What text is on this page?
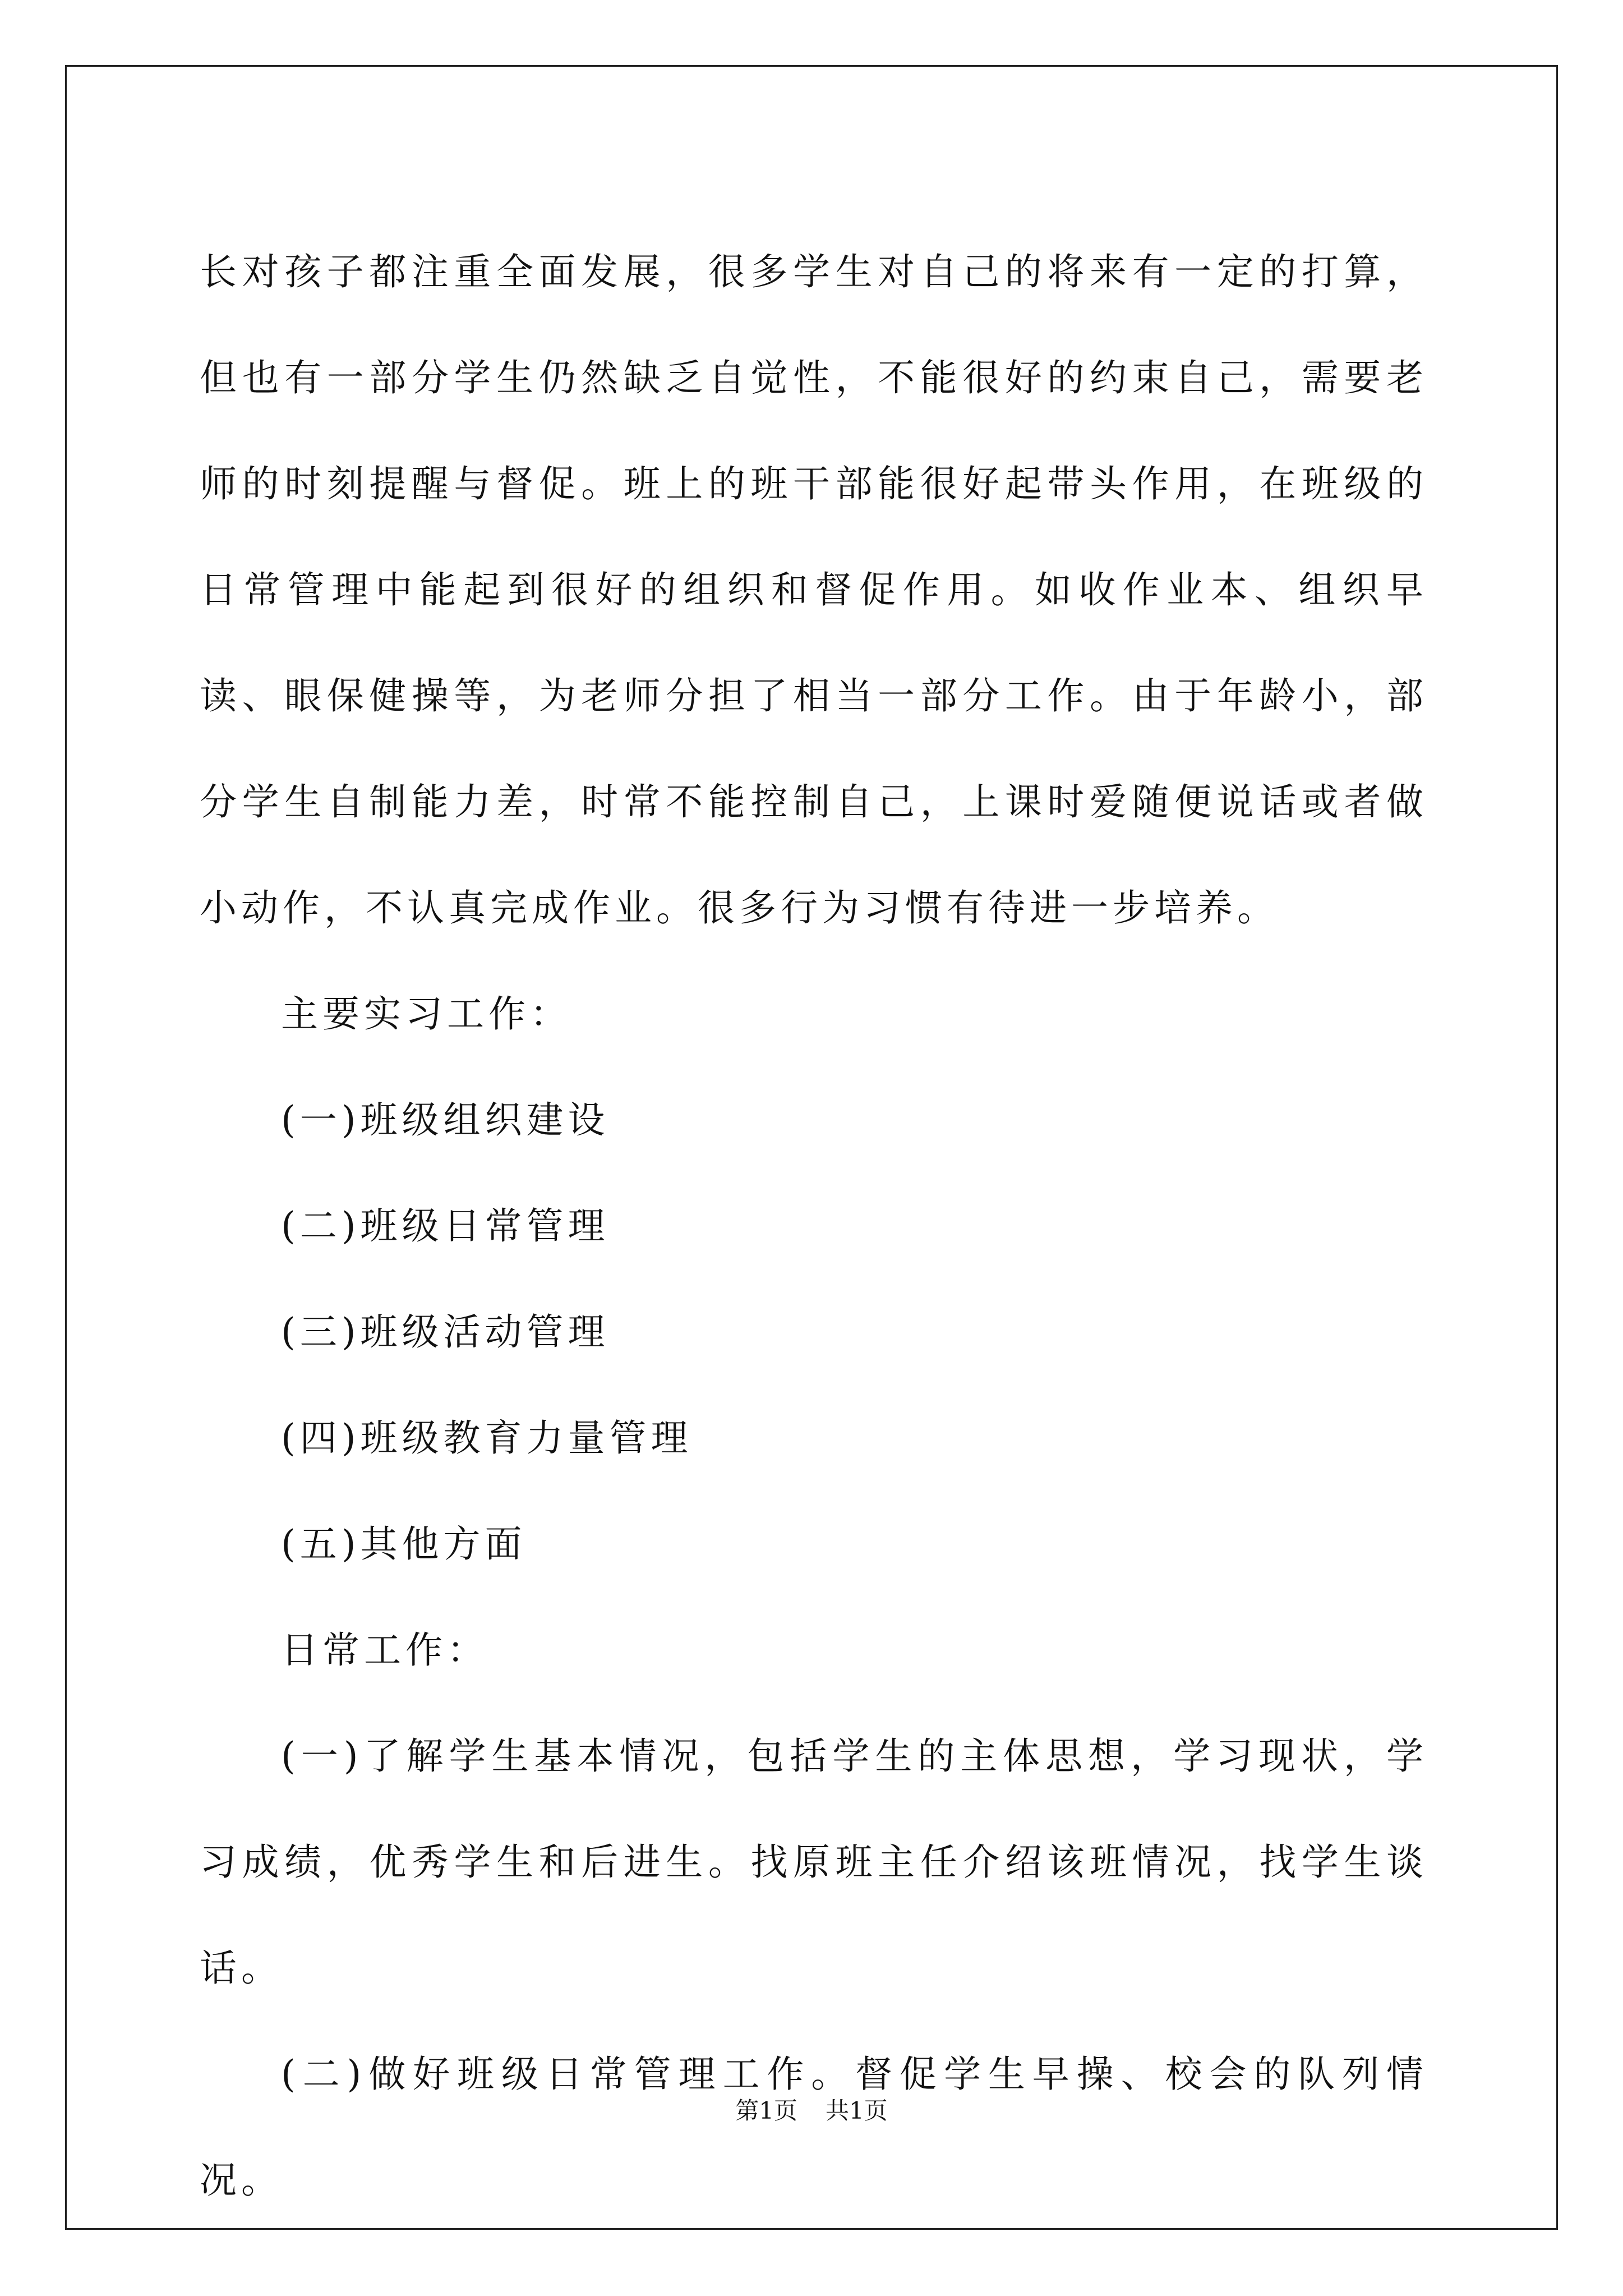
长对孩子都注重全面发展，很多学生对自己的将来有一定的打算，但也有一部分学生仍然缺乏自觉性，不能很好的约束自己，需要老师的时刻提醒与督促。班上的班干部能很好起带头作用，在班级的日常管理中能起到很好的组织和督促作用。如收作业本、组织早读、眼保健操等，为老师分担了相当一部分工作。由于年龄小，部分学生自制能力差，时常不能控制自己，上课时爱随便说话或者做小动作，不认真完成作业。很多行为习惯有待进一步培养。

主要实习工作：

(一)班级组织建设

(二)班级日常管理

(三)班级活动管理

(四)班级教育力量管理

(五)其他方面

日常工作：

(一)了解学生基本情况，包括学生的主体思想，学习现状，学习成绩，优秀学生和后进生。找原班主任介绍该班情况，找学生谈话。

(二)做好班级日常管理工作。督促学生早操、校会的队列情况。

第1页 共1页
